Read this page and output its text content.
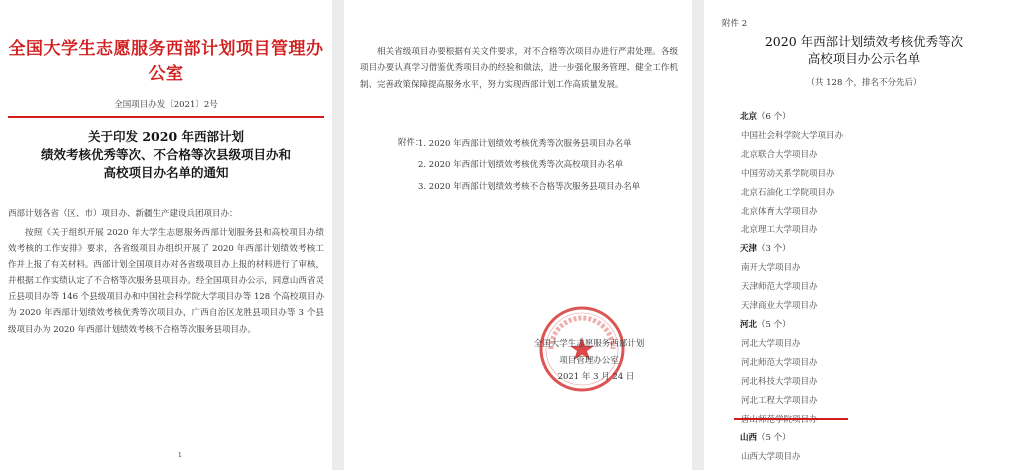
全国大学生志愿服务西部计划项目管理办公室
全国项目办发〔2021〕2号
关于印发 2020 年西部计划
绩效考核优秀等次、不合格等次县级项目办和
高校项目办名单的通知
西部计划各省（区、市）项目办、新疆生产建设兵团项目办：
按照《关于组织开展 2020 年大学生志愿服务西部计划服务县和高校项目办绩效考核的工作安排》要求，各省级项目办组织开展了 2020 年西部计划绩效考核工作并上报了有关材料。西部计划全国项目办对各省级项目办上报的材料进行了审核，并根据工作实绩认定了不合格等次服务县项目办。经全国项目办公示，同意山西省灵丘县项目办等 146 个县级项目办和中国社会科学院大学项目办等 128 个高校项目办为 2020 年西部计划绩效考核优秀等次项目办，广西自治区龙胜县项目办等 3 个县级项目办为 2020 年西部计划绩效考核不合格等次服务县项目办。
1
相关省级项目办要根据有关文件要求，对不合格等次项目办进行严肃处理。各级项目办要认真学习借鉴优秀项目办的经验和做法，进一步强化服务管理、健全工作机制、完善政策保障提高服务水平，努力实现西部计划工作高质量发展。
附件：
1. 2020 年西部计划绩效考核优秀等次服务县项目办名单
2. 2020 年西部计划绩效考核优秀等次高校项目办名单
3. 2020 年西部计划绩效考核不合格等次服务县项目办名单
全国大学生志愿服务西部计划
项目管理办公室
2021 年 3 月 24 日
附件 2
2020 年西部计划绩效考核优秀等次
高校项目办公示名单
（共 128 个，排名不分先后）
北京（6 个）
中国社会科学院大学项目办
北京联合大学项目办
中国劳动关系学院项目办
北京石油化工学院项目办
北京体育大学项目办
北京理工大学项目办
天津（3 个）
南开大学项目办
天津师范大学项目办
天津商业大学项目办
河北（5 个）
河北大学项目办
河北师范大学项目办
河北科技大学项目办
河北工程大学项目办
山西（5 个）
山西大学项目办
